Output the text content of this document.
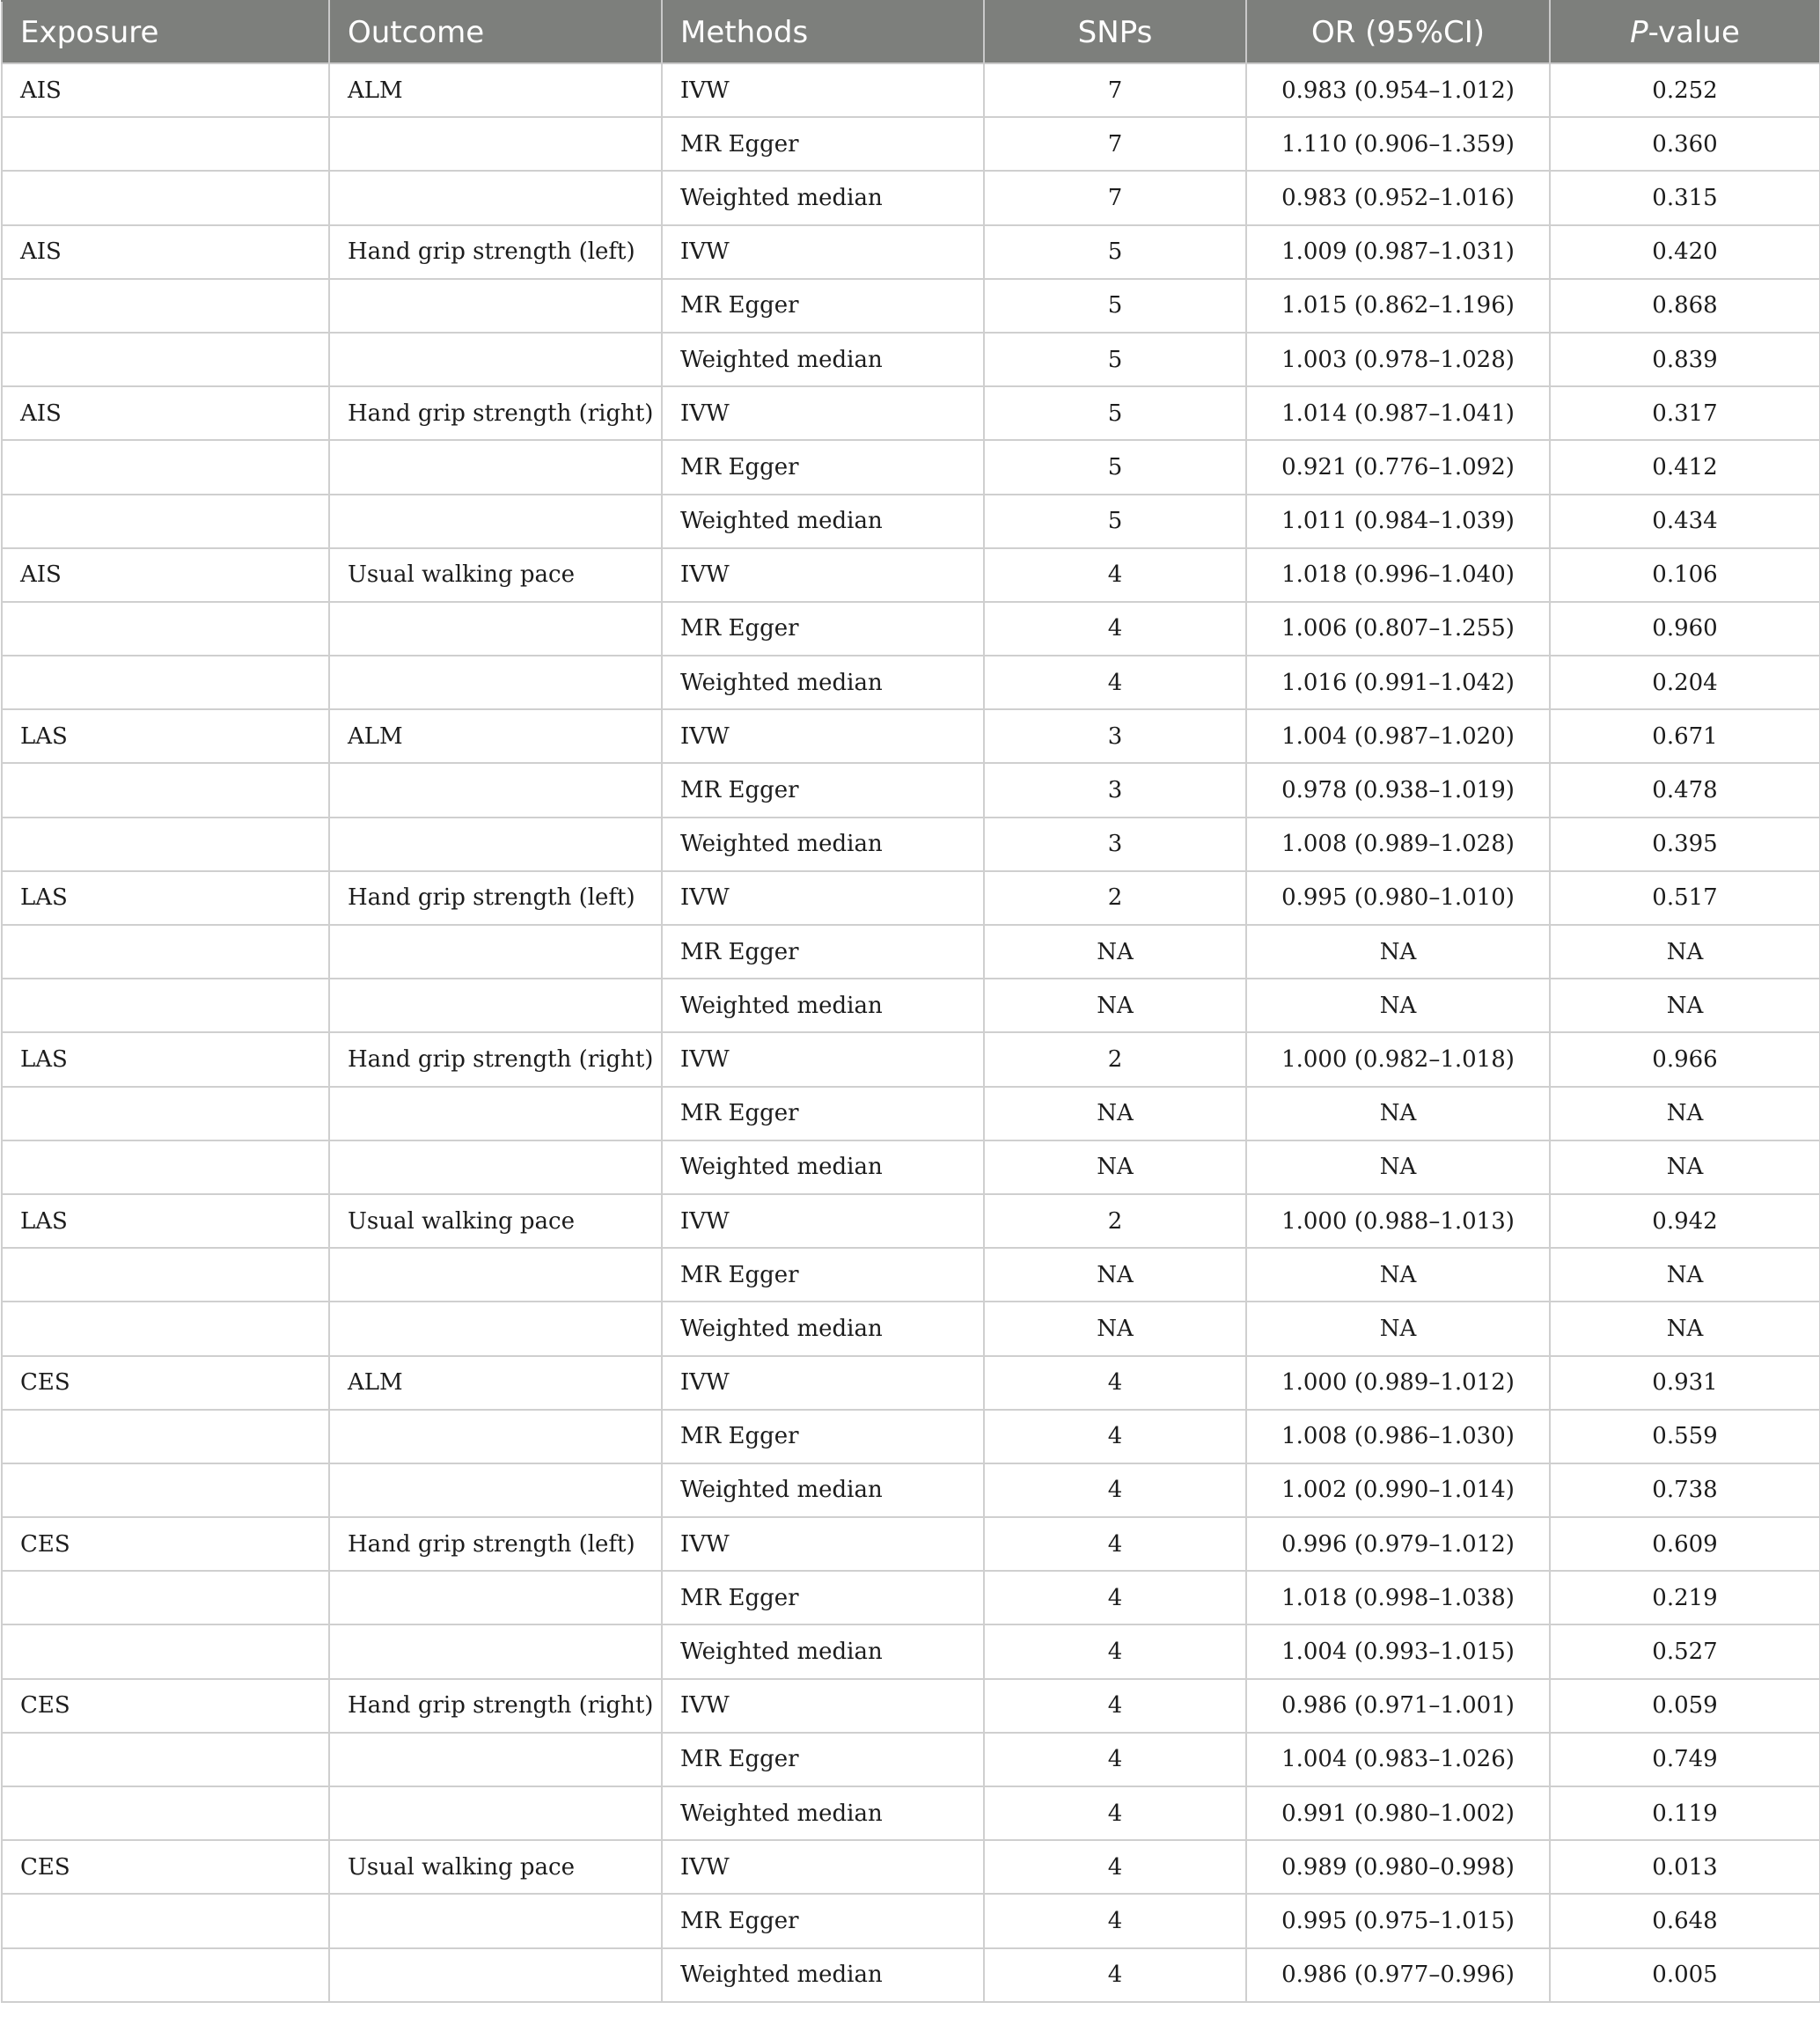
Exposure	Outcome	Methods	SNPs	OR (95%CI)	P-value
AIS	ALM	IVW	7	0.983 (0.954–1.012)	0.252
		MR Egger	7	1.110 (0.906–1.359)	0.360
		Weighted median	7	0.983 (0.952–1.016)	0.315
AIS	Hand grip strength (left)	IVW	5	1.009 (0.987–1.031)	0.420
		MR Egger	5	1.015 (0.862–1.196)	0.868
		Weighted median	5	1.003 (0.978–1.028)	0.839
AIS	Hand grip strength (right)	IVW	5	1.014 (0.987–1.041)	0.317
		MR Egger	5	0.921 (0.776–1.092)	0.412
		Weighted median	5	1.011 (0.984–1.039)	0.434
AIS	Usual walking pace	IVW	4	1.018 (0.996–1.040)	0.106
		MR Egger	4	1.006 (0.807–1.255)	0.960
		Weighted median	4	1.016 (0.991–1.042)	0.204
LAS	ALM	IVW	3	1.004 (0.987–1.020)	0.671
		MR Egger	3	0.978 (0.938–1.019)	0.478
		Weighted median	3	1.008 (0.989–1.028)	0.395
LAS	Hand grip strength (left)	IVW	2	0.995 (0.980–1.010)	0.517
		MR Egger	NA	NA	NA
		Weighted median	NA	NA	NA
LAS	Hand grip strength (right)	IVW	2	1.000 (0.982–1.018)	0.966
		MR Egger	NA	NA	NA
		Weighted median	NA	NA	NA
LAS	Usual walking pace	IVW	2	1.000 (0.988–1.013)	0.942
		MR Egger	NA	NA	NA
		Weighted median	NA	NA	NA
CES	ALM	IVW	4	1.000 (0.989–1.012)	0.931
		MR Egger	4	1.008 (0.986–1.030)	0.559
		Weighted median	4	1.002 (0.990–1.014)	0.738
CES	Hand grip strength (left)	IVW	4	0.996 (0.979–1.012)	0.609
		MR Egger	4	1.018 (0.998–1.038)	0.219
		Weighted median	4	1.004 (0.993–1.015)	0.527
CES	Hand grip strength (right)	IVW	4	0.986 (0.971–1.001)	0.059
		MR Egger	4	1.004 (0.983–1.026)	0.749
		Weighted median	4	0.991 (0.980–1.002)	0.119
CES	Usual walking pace	IVW	4	0.989 (0.980–0.998)	0.013
		MR Egger	4	0.995 (0.975–1.015)	0.648
		Weighted median	4	0.986 (0.977–0.996)	0.005
